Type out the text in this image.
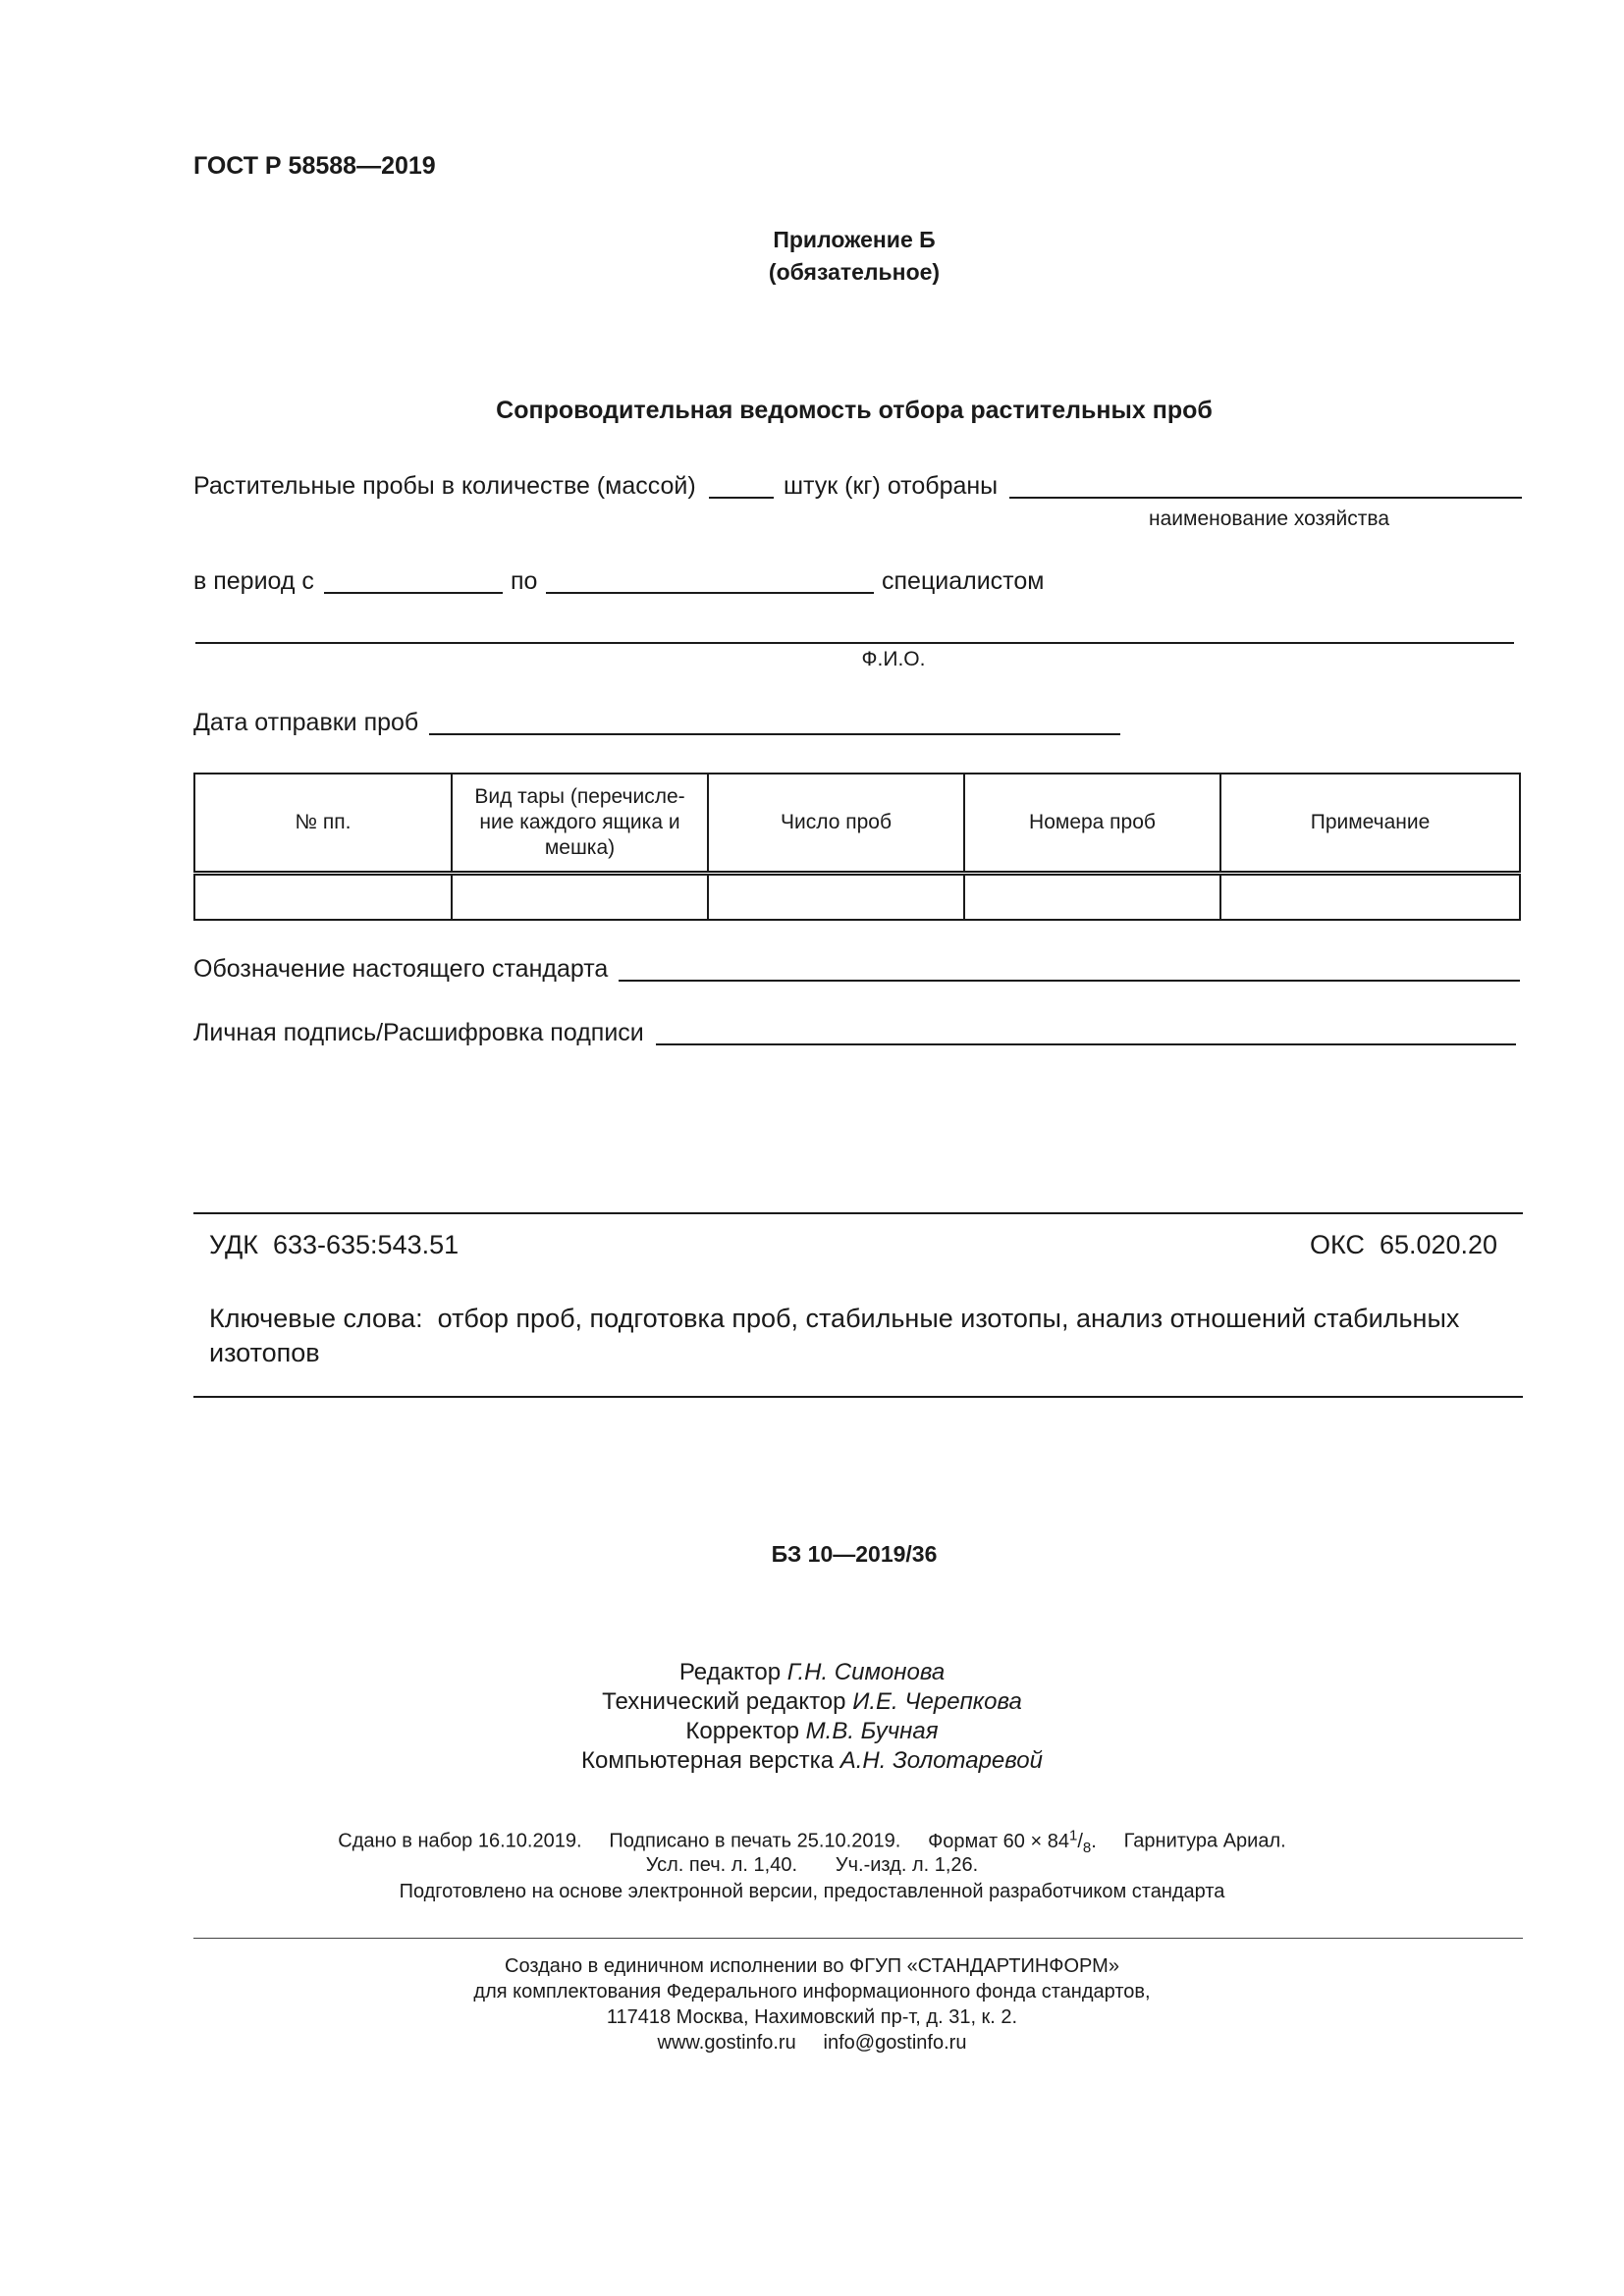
ГОСТ Р 58588—2019
Приложение Б
(обязательное)
Сопроводительная ведомость отбора растительных проб
Растительные пробы в количестве (массой)	штук (кг) отобраны
наименование хозяйства
в период с	по	специалистом
Ф.И.О.
Дата отправки проб
№ пп.	Вид тары (перечисле-ние каждого ящика и мешка)	Число проб	Номера проб	Примечание

Обозначение настоящего стандарта
Личная подпись/Расшифровка подписи
УДК 633-635:543.51	ОКС 65.020.20
Ключевые слова: отбор проб, подготовка проб, стабильные изотопы, анализ отношений стабильных изотопов
БЗ 10—2019/36
Редактор Г.Н. Симонова
Технический редактор И.Е. Черепкова
Корректор М.В. Бучная
Компьютерная верстка А.Н. Золотаревой
Сдано в набор 16.10.2019. Подписано в печать 25.10.2019. Формат $60 \times 84^1/_8$. Гарнитура Ариал.
Усл. печ. л. 1,40. Уч.-изд. л. 1,26.
Подготовлено на основе электронной версии, предоставленной разработчиком стандарта
Создано в единичном исполнении во ФГУП «СТАНДАРТИНФОРМ»
для комплектования Федерального информационного фонда стандартов,
117418 Москва, Нахимовский пр-т, д. 31, к. 2.
www.gostinfo.ru info@gostinfo.ru
